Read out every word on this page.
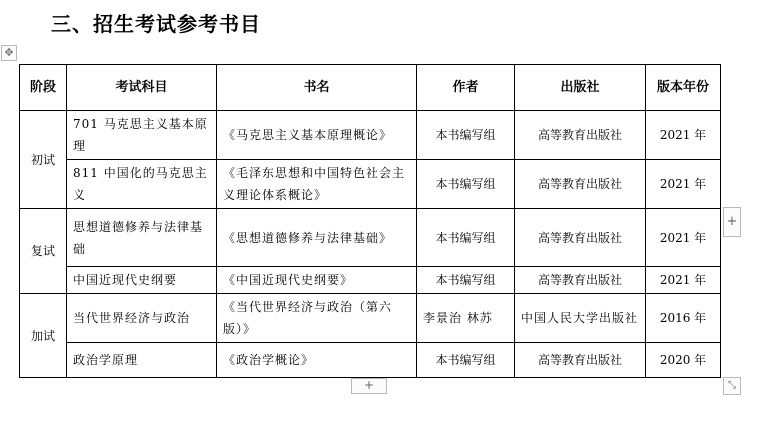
三、招生考试参考书目
✥
阶段	考试科目	书名	作者	出版社	版本年份
初试	701 马克思主义基本原理	《马克思主义基本原理概论》	本书编写组	高等教育出版社	2021 年
	811 中国化的马克思主义	《毛泽东思想和中国特色社会主义理论体系概论》	本书编写组	高等教育出版社	2021 年
复试	思想道德修养与法律基础	《思想道德修养与法律基础》	本书编写组	高等教育出版社	2021 年
	中国近现代史纲要	《中国近现代史纲要》	本书编写组	高等教育出版社	2021 年
加试	当代世界经济与政治	《当代世界经济与政治（第六版）》	李景治 林苏	中国人民大学出版社	2016 年
	政治学原理	《政治学概论》	本书编写组	高等教育出版社	2020 年
+
+	⤡
